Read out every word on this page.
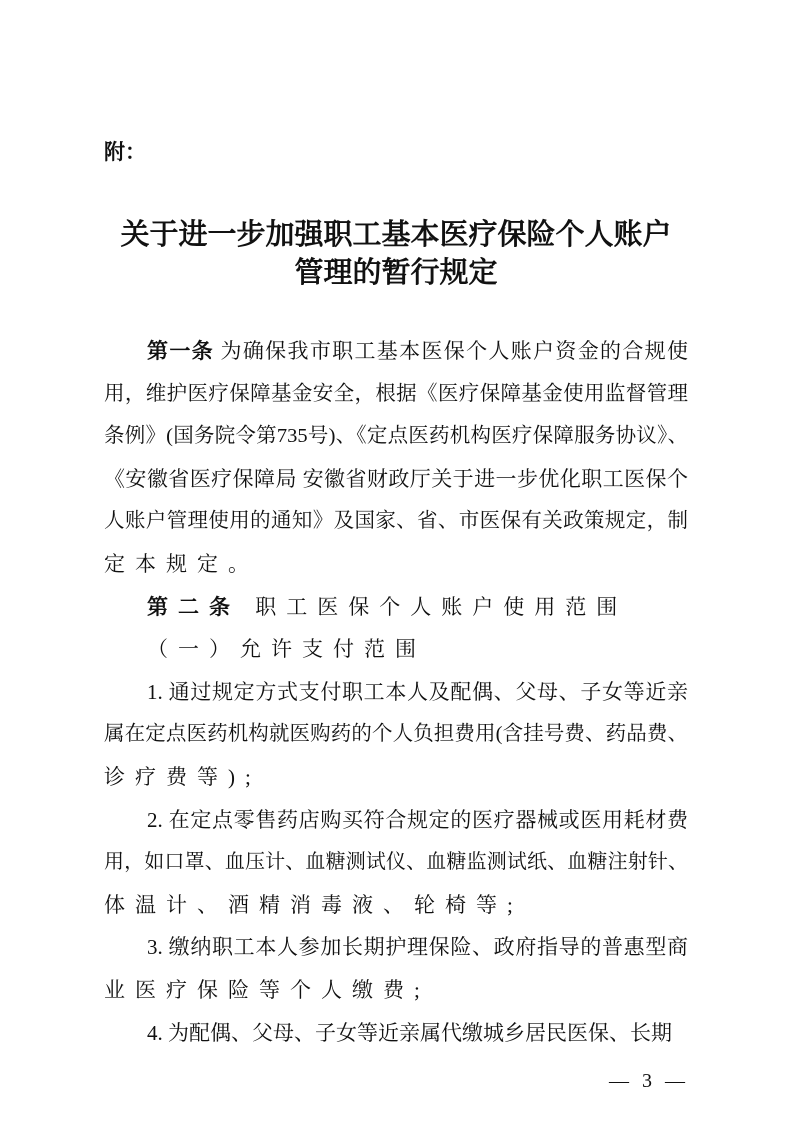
附：
关于进一步加强职工基本医疗保险个人账户
管理的暂行规定
第一条 为确保我市职工基本医保个人账户资金的合规使
用，维护医疗保障基金安全，根据《医疗保障基金使用监督管理
条例》(国务院令第735号)、《定点医药机构医疗保障服务协议》、
《安徽省医疗保障局 安徽省财政厅关于进一步优化职工医保个
人账户管理使用的通知》及国家、省、市医保有关政策规定，制
定本规定。
第二条 职工医保个人账户使用范围
（一）允许支付范围
1. 通过规定方式支付职工本人及配偶、父母、子女等近亲
属在定点医药机构就医购药的个人负担费用(含挂号费、药品费、
诊疗费等);
2. 在定点零售药店购买符合规定的医疗器械或医用耗材费
用，如口罩、血压计、血糖测试仪、血糖监测试纸、血糖注射针、
体温计、酒精消毒液、轮椅等;
3. 缴纳职工本人参加长期护理保险、政府指导的普惠型商
业医疗保险等个人缴费;
4. 为配偶、父母、子女等近亲属代缴城乡居民医保、长期
— 3 —
